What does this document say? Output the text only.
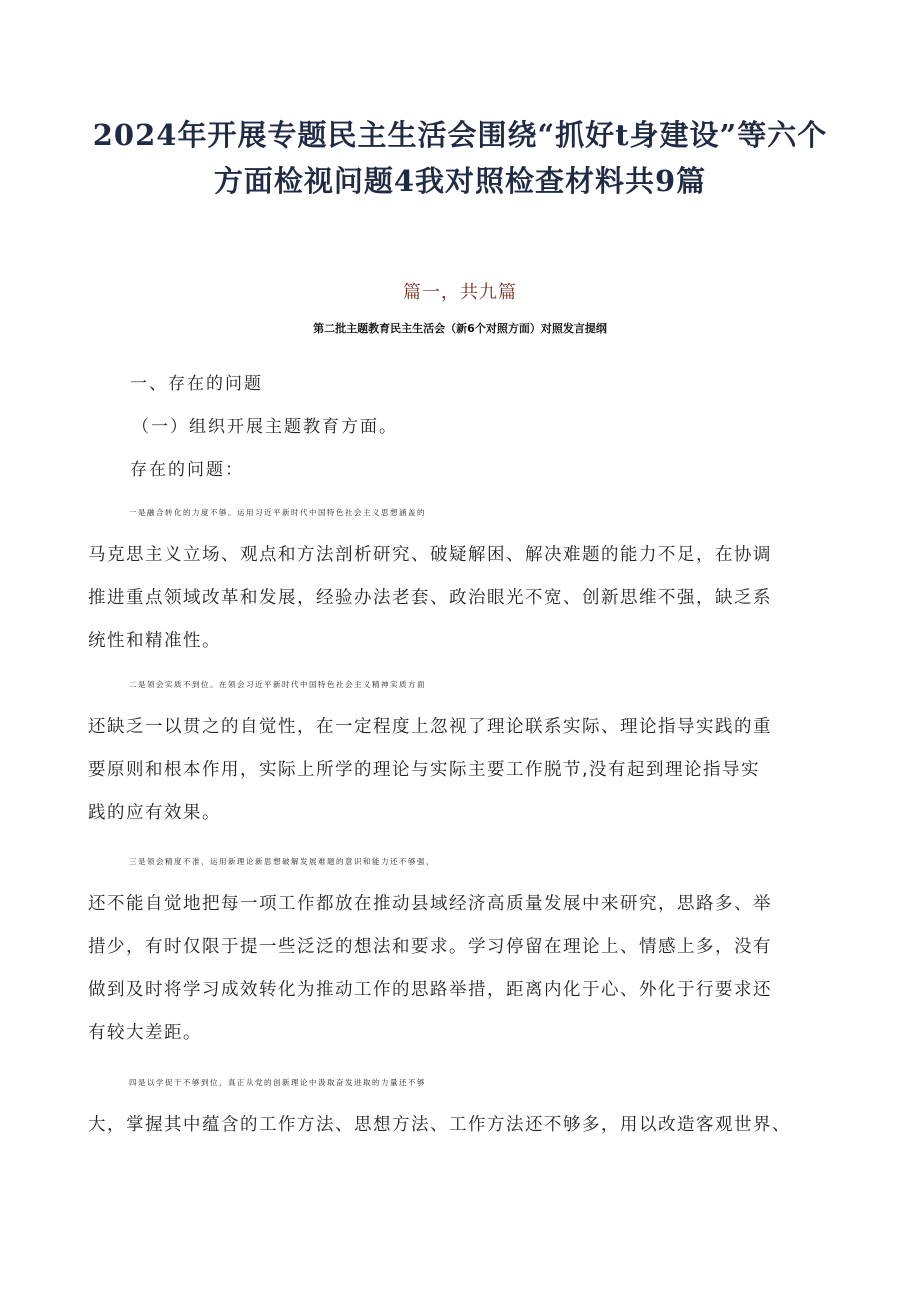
2024年开展专题民主生活会围绕“抓好t身建设”等六个
方面检视问题4我对照检查材料共9篇
篇一，共九篇
第二批主题教育民主生活会（新6个对照方面）对照发言提纲
一、存在的问题
（一）组织开展主题教育方面。
存在的问题：
一是融合转化的力度不够。运用习近平新时代中国特色社会主义思想涵盖的
马克思主义立场、观点和方法剖析研究、破疑解困、解决难题的能力不足，在协调
推进重点领域改革和发展，经验办法老套、政治眼光不宽、创新思维不强，缺乏系
统性和精准性。
二是领会实质不到位。在领会习近平新时代中国特色社会主义精神实质方面
还缺乏一以贯之的自觉性，在一定程度上忽视了理论联系实际、理论指导实践的重
要原则和根本作用，实际上所学的理论与实际主要工作脱节,没有起到理论指导实
践的应有效果。
三是领会精度不准，运用新理论新思想破解发展难题的意识和能力还不够强，
还不能自觉地把每一项工作都放在推动县域经济高质量发展中来研究，思路多、举
措少，有时仅限于提一些泛泛的想法和要求。学习停留在理论上、情感上多，没有
做到及时将学习成效转化为推动工作的思路举措，距离内化于心、外化于行要求还
有较大差距。
四是以学促干不够到位，真正从党的创新理论中汲取奋发进取的力量还不够
大，掌握其中蕴含的工作方法、思想方法、工作方法还不够多，用以改造客观世界、
